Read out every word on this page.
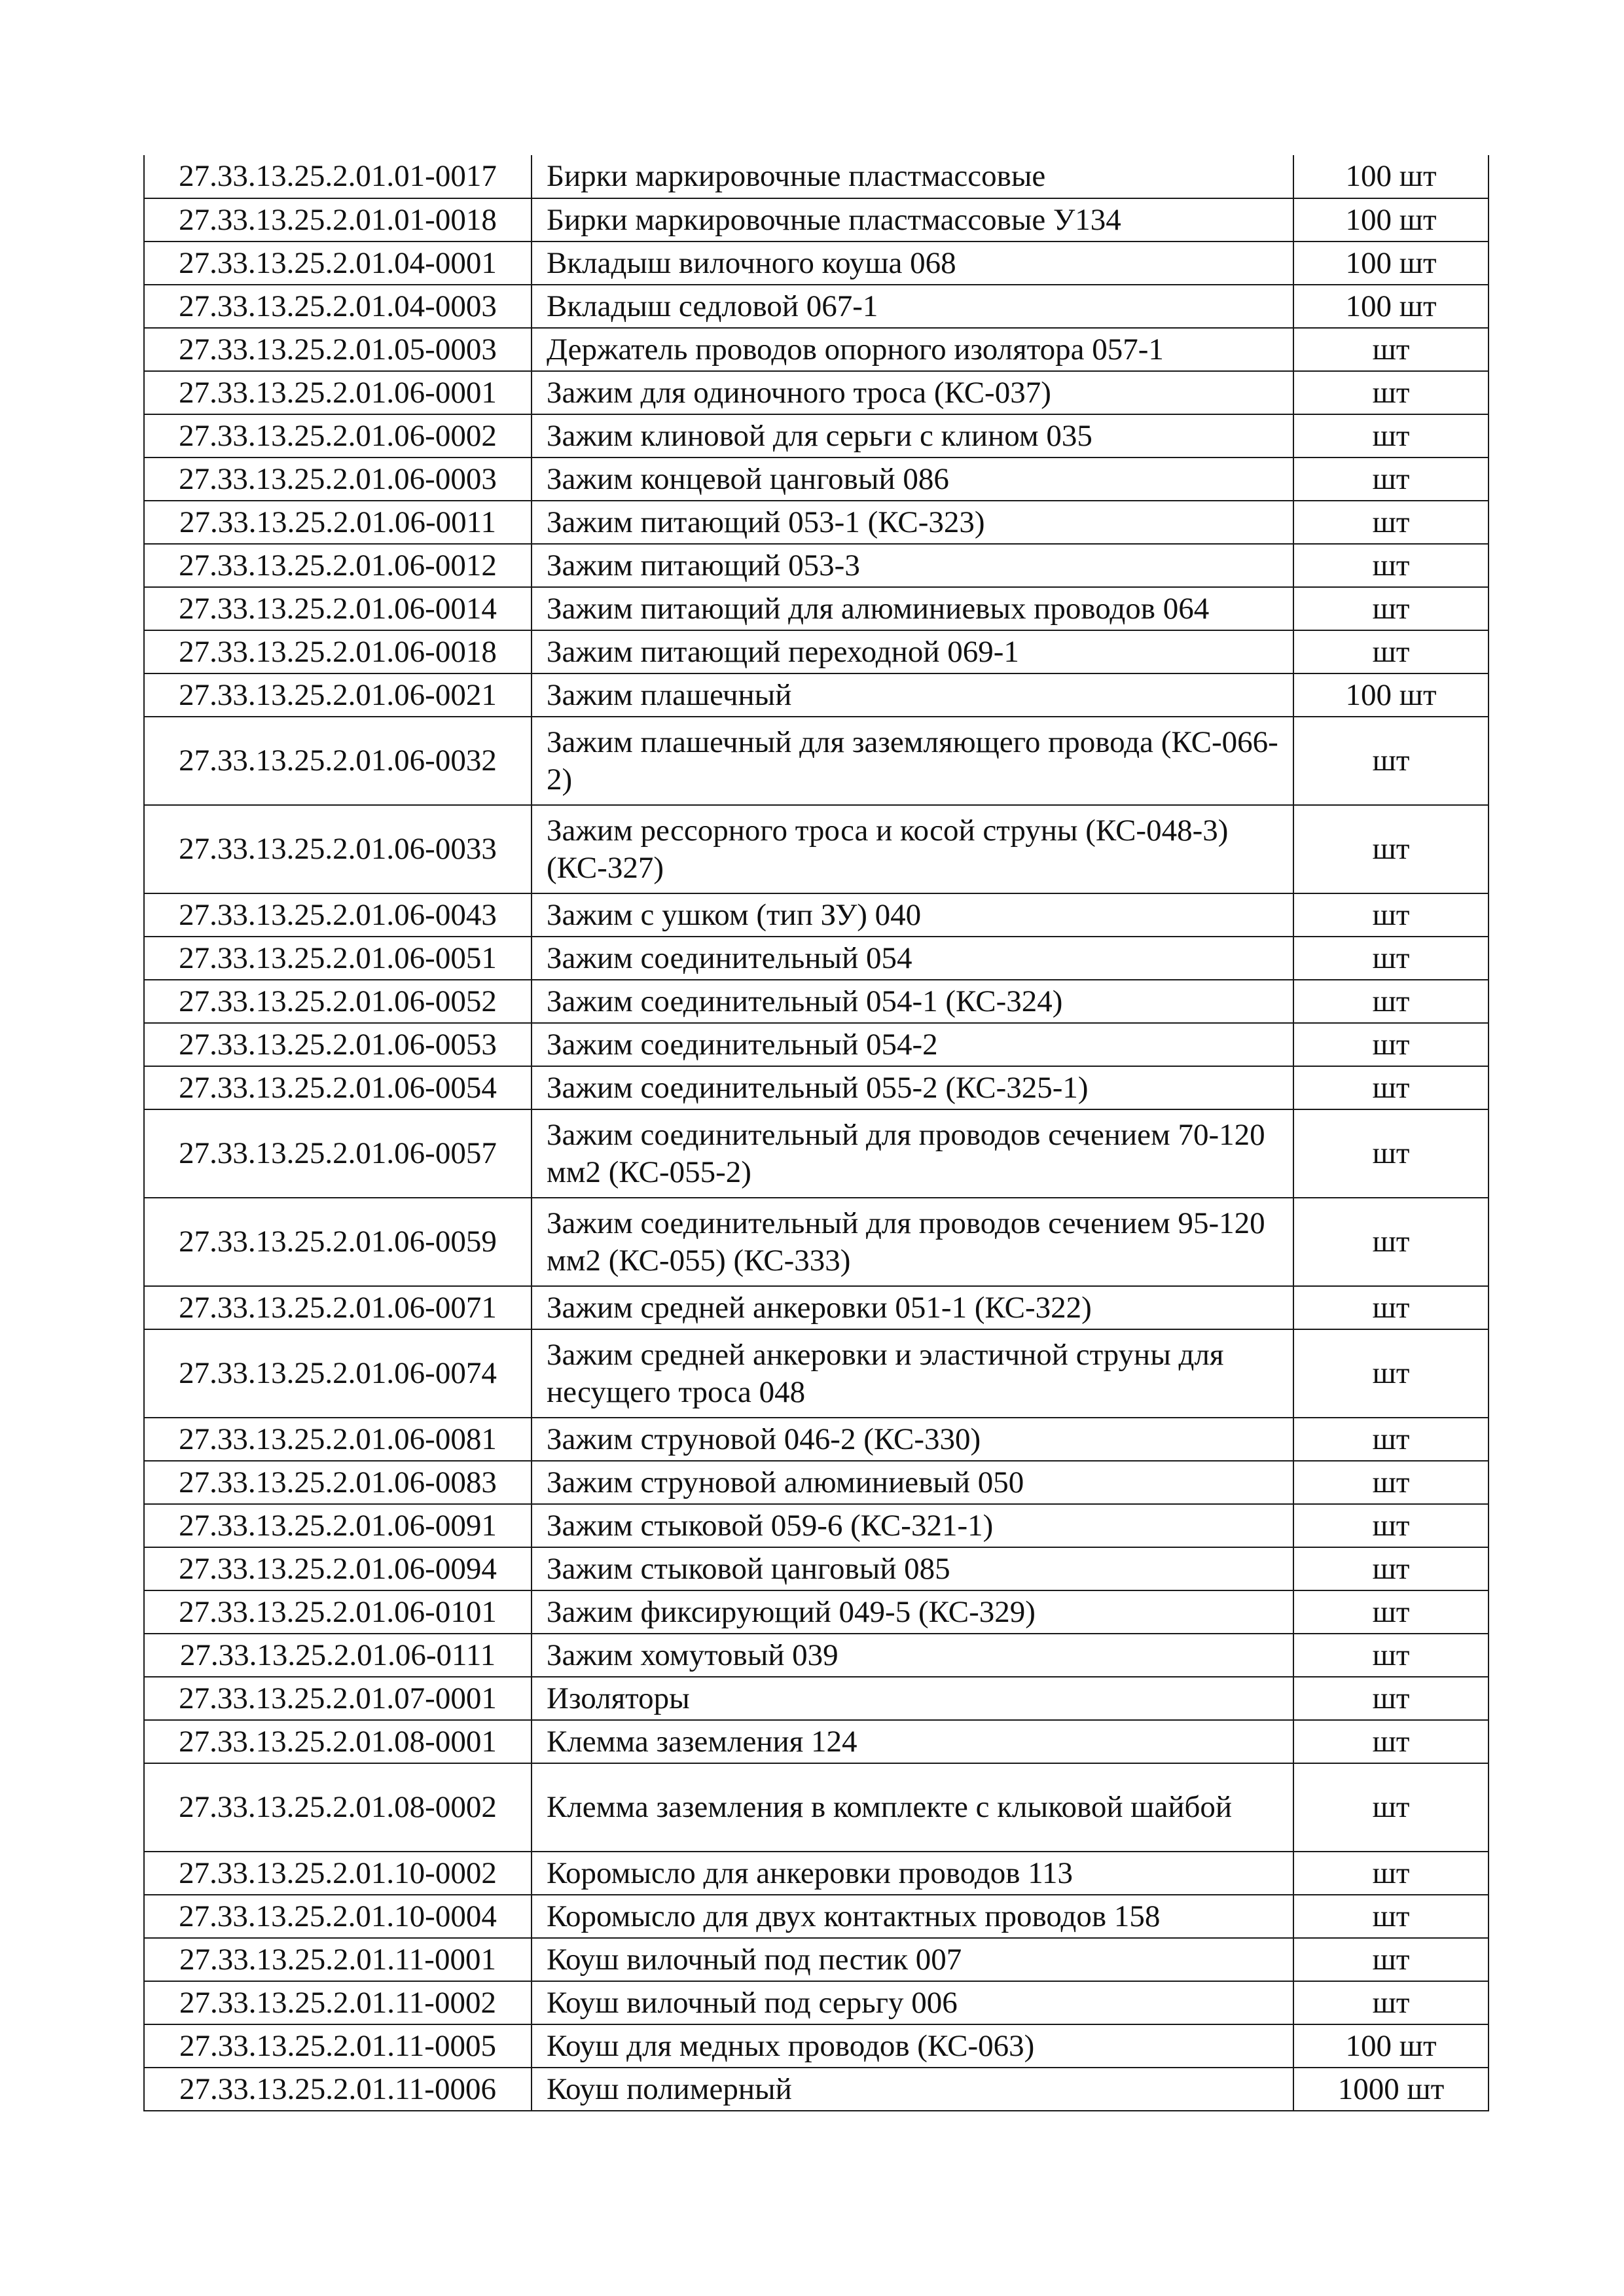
27.33.13.25.2.01.01-0017	Бирки маркировочные пластмассовые	100 шт
27.33.13.25.2.01.01-0018	Бирки маркировочные пластмассовые У134	100 шт
27.33.13.25.2.01.04-0001	Вкладыш вилочного коуша 068	100 шт
27.33.13.25.2.01.04-0003	Вкладыш седловой 067-1	100 шт
27.33.13.25.2.01.05-0003	Держатель проводов опорного изолятора 057-1	шт
27.33.13.25.2.01.06-0001	Зажим для одиночного троса (КС-037)	шт
27.33.13.25.2.01.06-0002	Зажим клиновой для серьги с клином 035	шт
27.33.13.25.2.01.06-0003	Зажим концевой цанговый 086	шт
27.33.13.25.2.01.06-0011	Зажим питающий 053-1 (КС-323)	шт
27.33.13.25.2.01.06-0012	Зажим питающий 053-3	шт
27.33.13.25.2.01.06-0014	Зажим питающий для алюминиевых проводов 064	шт
27.33.13.25.2.01.06-0018	Зажим питающий переходной 069-1	шт
27.33.13.25.2.01.06-0021	Зажим плашечный	100 шт
27.33.13.25.2.01.06-0032	Зажим плашечный для заземляющего провода (КС-066-2)	шт
27.33.13.25.2.01.06-0033	Зажим рессорного троса и косой струны (КС-048-3) (КС-327)	шт
27.33.13.25.2.01.06-0043	Зажим с ушком (тип ЗУ) 040	шт
27.33.13.25.2.01.06-0051	Зажим соединительный 054	шт
27.33.13.25.2.01.06-0052	Зажим соединительный 054-1 (КС-324)	шт
27.33.13.25.2.01.06-0053	Зажим соединительный 054-2	шт
27.33.13.25.2.01.06-0054	Зажим соединительный 055-2 (КС-325-1)	шт
27.33.13.25.2.01.06-0057	Зажим соединительный для проводов сечением 70-120 мм2 (КС-055-2)	шт
27.33.13.25.2.01.06-0059	Зажим соединительный для проводов сечением 95-120 мм2 (КС-055) (КС-333)	шт
27.33.13.25.2.01.06-0071	Зажим средней анкеровки 051-1 (КС-322)	шт
27.33.13.25.2.01.06-0074	Зажим средней анкеровки и эластичной струны для несущего троса 048	шт
27.33.13.25.2.01.06-0081	Зажим струновой 046-2 (КС-330)	шт
27.33.13.25.2.01.06-0083	Зажим струновой алюминиевый 050	шт
27.33.13.25.2.01.06-0091	Зажим стыковой 059-6 (КС-321-1)	шт
27.33.13.25.2.01.06-0094	Зажим стыковой цанговый 085	шт
27.33.13.25.2.01.06-0101	Зажим фиксирующий 049-5 (КС-329)	шт
27.33.13.25.2.01.06-0111	Зажим хомутовый 039	шт
27.33.13.25.2.01.07-0001	Изоляторы	шт
27.33.13.25.2.01.08-0001	Клемма заземления 124	шт
27.33.13.25.2.01.08-0002	Клемма заземления в комплекте с клыковой шайбой	шт
27.33.13.25.2.01.10-0002	Коромысло для анкеровки проводов 113	шт
27.33.13.25.2.01.10-0004	Коромысло для двух контактных проводов 158	шт
27.33.13.25.2.01.11-0001	Коуш вилочный под пестик 007	шт
27.33.13.25.2.01.11-0002	Коуш вилочный под серьгу 006	шт
27.33.13.25.2.01.11-0005	Коуш для медных проводов (КС-063)	100 шт
27.33.13.25.2.01.11-0006	Коуш полимерный	1000 шт
